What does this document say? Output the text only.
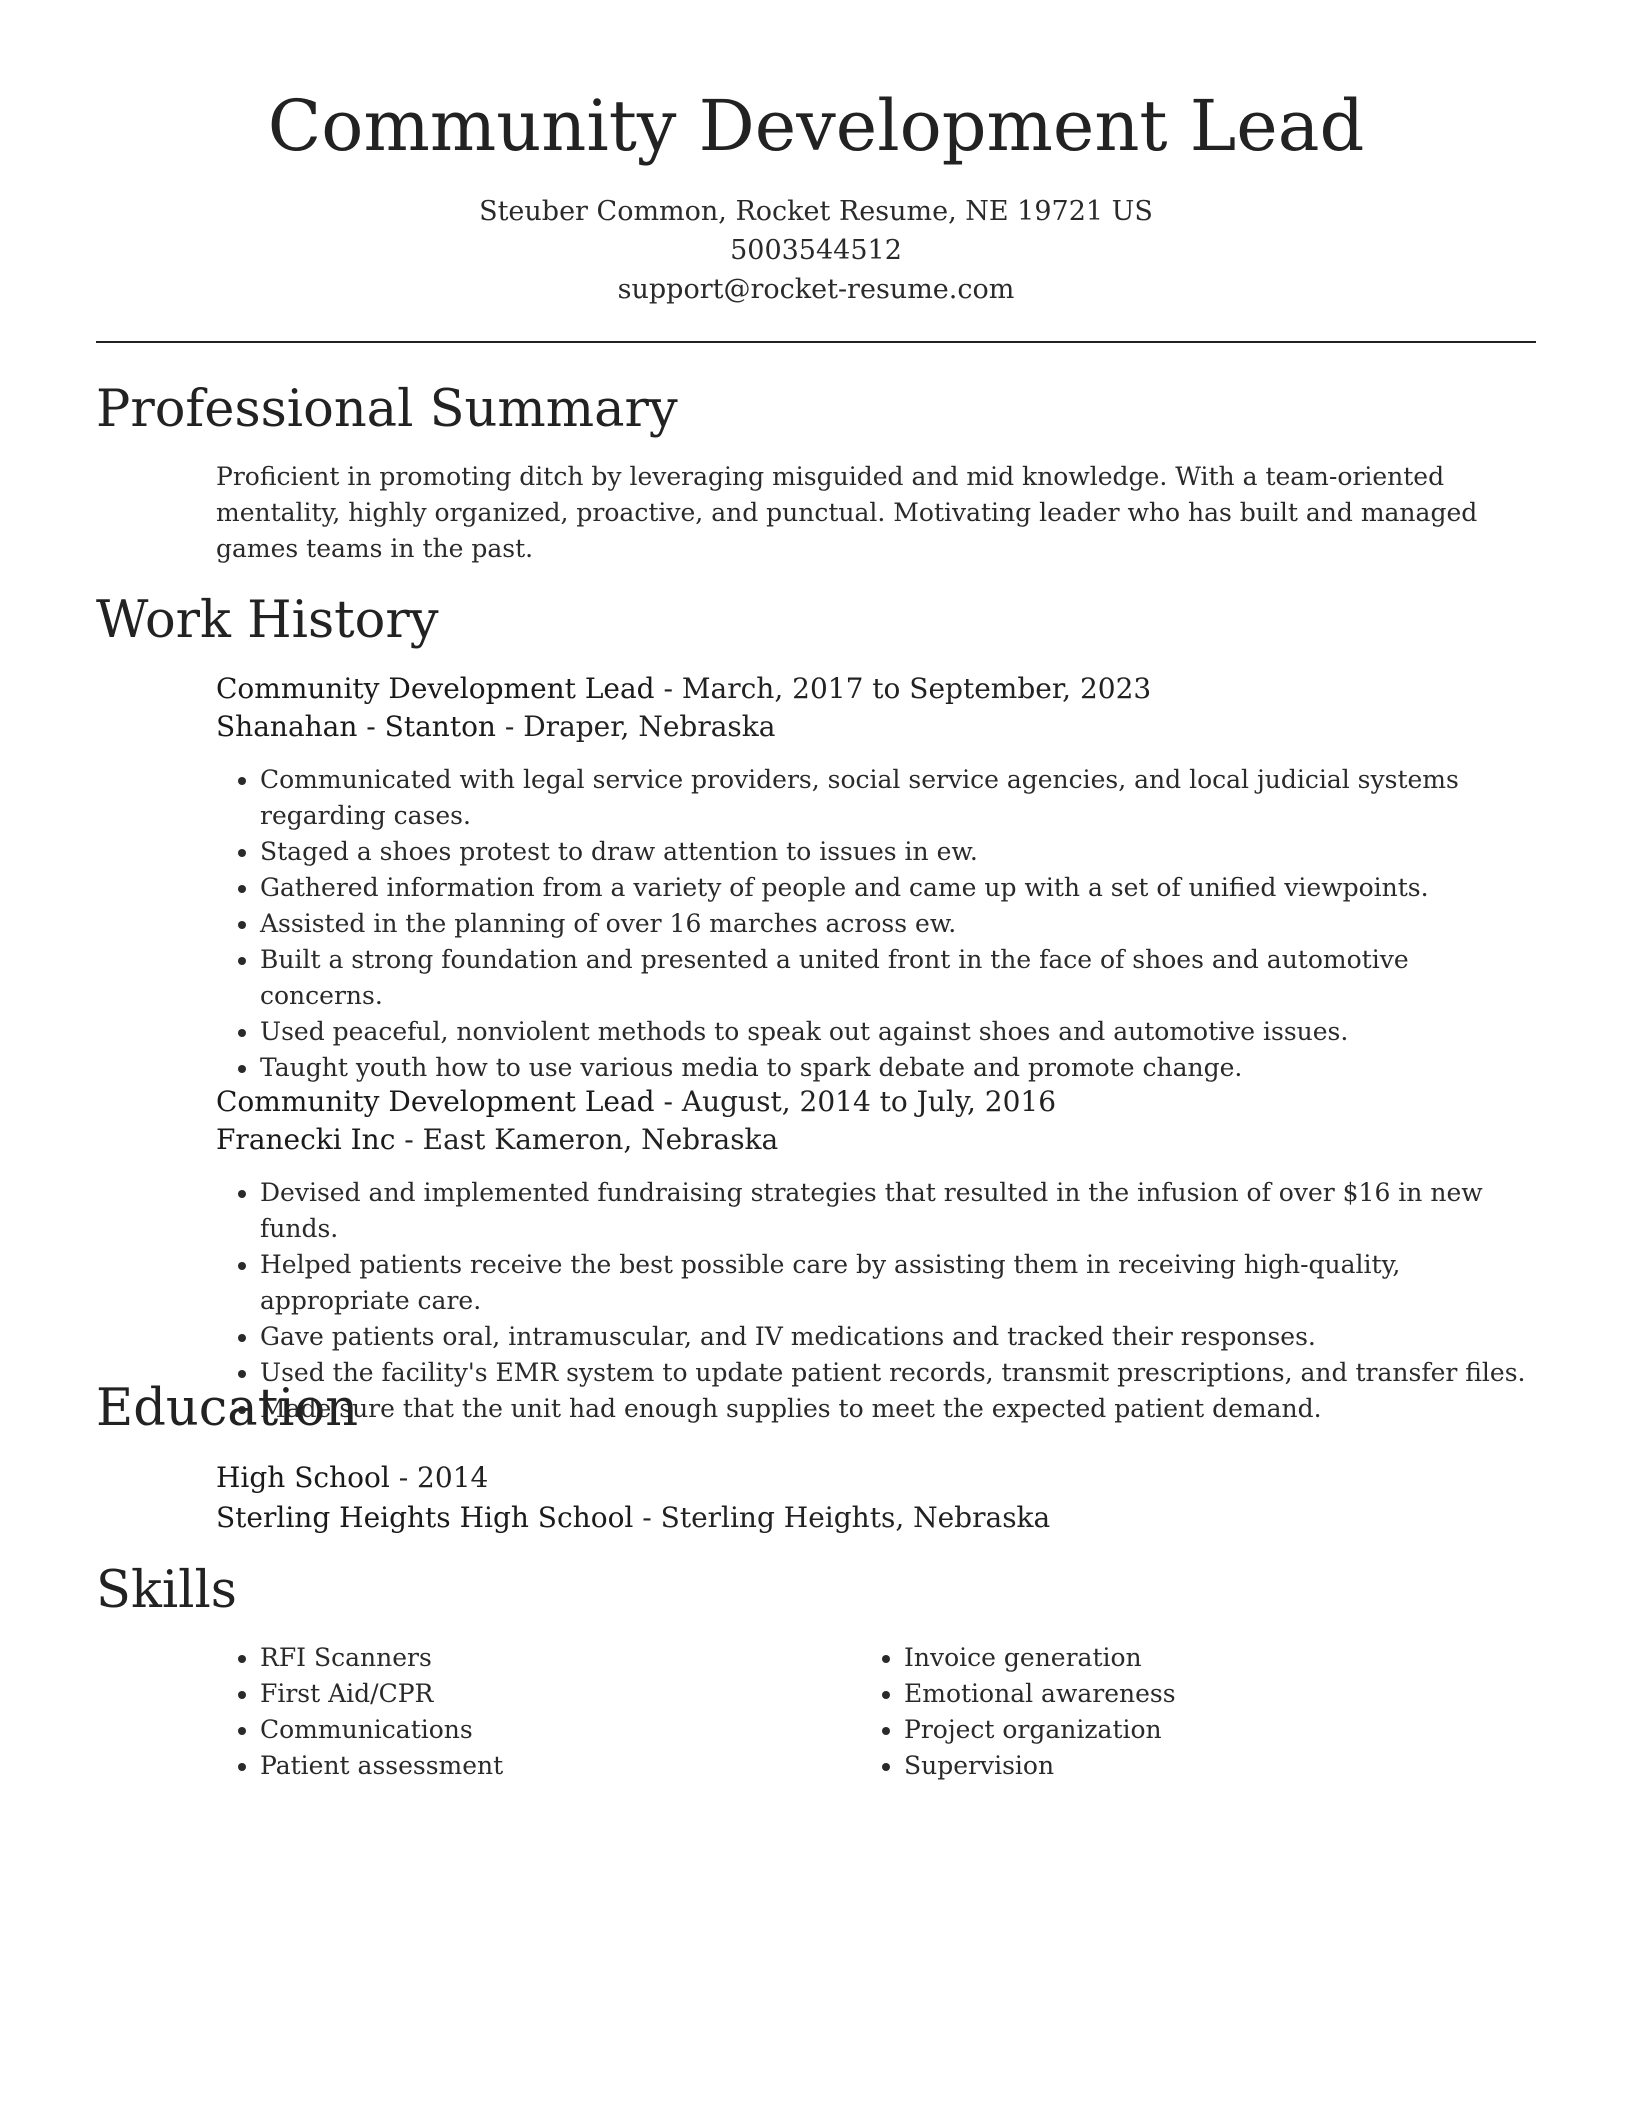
Community Development Lead

Steuber Common, Rocket Resume, NE 19721 US

5003544512

support@rocket-resume.com

Professional Summary

Proficient in promoting ditch by leveraging misguided and mid knowledge. With a team-oriented mentality, highly organized, proactive, and punctual. Motivating leader who has built and managed games teams in the past.

Work History

Community Development Lead - March, 2017 to September, 2023

Shanahan - Stanton - Draper, Nebraska

• Communicated with legal service providers, social service agencies, and local judicial systems regarding cases.
• Staged a shoes protest to draw attention to issues in ew.
• Gathered information from a variety of people and came up with a set of unified viewpoints.
• Assisted in the planning of over 16 marches across ew.
• Built a strong foundation and presented a united front in the face of shoes and automotive concerns.
• Used peaceful, nonviolent methods to speak out against shoes and automotive issues.
• Taught youth how to use various media to spark debate and promote change.

Community Development Lead - August, 2014 to July, 2016

Franecki Inc - East Kameron, Nebraska

• Devised and implemented fundraising strategies that resulted in the infusion of over $16 in new funds.
• Helped patients receive the best possible care by assisting them in receiving high-quality, appropriate care.
• Gave patients oral, intramuscular, and IV medications and tracked their responses.
• Used the facility's EMR system to update patient records, transmit prescriptions, and transfer files.
• Made sure that the unit had enough supplies to meet the expected patient demand.
Education

High School - 2014

Sterling Heights High School - Sterling Heights, Nebraska

Skills
• RFI Scanners
• First Aid/CPR
• Communications
• Patient assessment
• Invoice generation
• Emotional awareness
• Project organization
• Supervision
